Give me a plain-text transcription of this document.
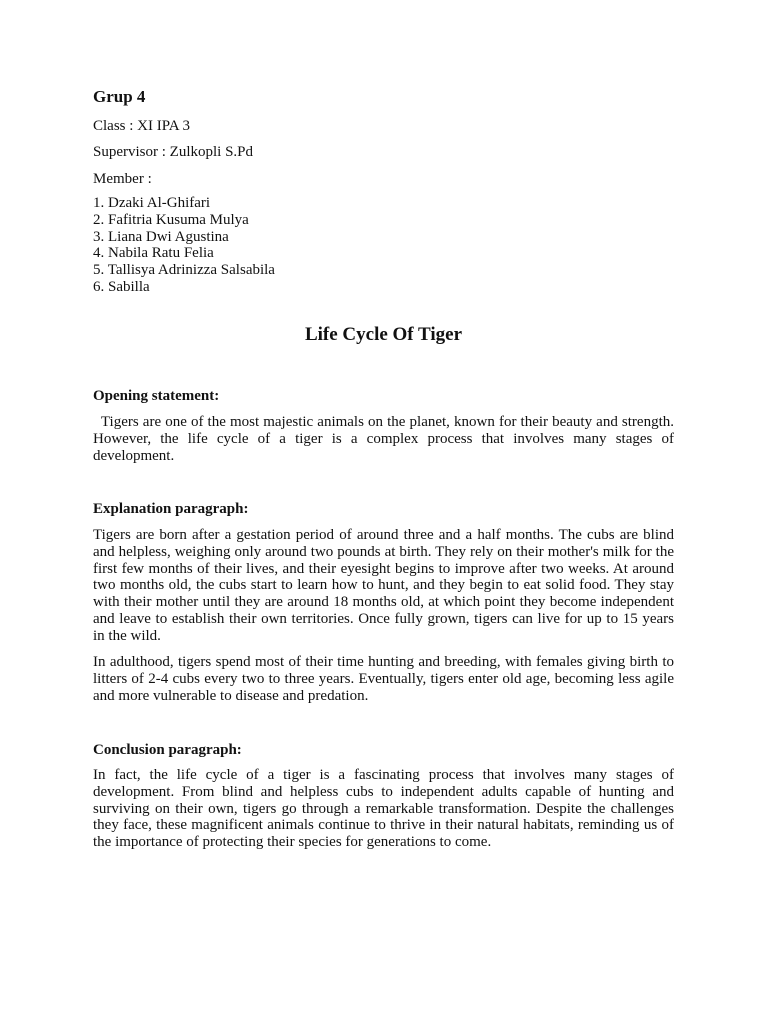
Grup 4

Class : XI IPA 3

Supervisor : Zulkopli S.Pd

Member :

1. Dzaki Al-Ghifari
2. Fafitria Kusuma Mulya
3. Liana Dwi Agustina
4. Nabila Ratu Felia
5. Tallisya Adrinizza Salsabila
6. Sabilla
Life Cycle Of Tiger
Opening statement:

Tigers are one of the most majestic animals on the planet, known for their beauty and strength. However, the life cycle of a tiger is a complex process that involves many stages of development.

Explanation paragraph:

Tigers are born after a gestation period of around three and a half months. The cubs are blind and helpless, weighing only around two pounds at birth. They rely on their mother's milk for the first few months of their lives, and their eyesight begins to improve after two weeks. At around two months old, the cubs start to learn how to hunt, and they begin to eat solid food. They stay with their mother until they are around 18 months old, at which point they become independent and leave to establish their own territories. Once fully grown, tigers can live for up to 15 years in the wild.

In adulthood, tigers spend most of their time hunting and breeding, with females giving birth to litters of 2-4 cubs every two to three years. Eventually, tigers enter old age, becoming less agile and more vulnerable to disease and predation.

Conclusion paragraph:

In fact, the life cycle of a tiger is a fascinating process that involves many stages of development. From blind and helpless cubs to independent adults capable of hunting and surviving on their own, tigers go through a remarkable transformation. Despite the challenges they face, these magnificent animals continue to thrive in their natural habitats, reminding us of the importance of protecting their species for generations to come.
